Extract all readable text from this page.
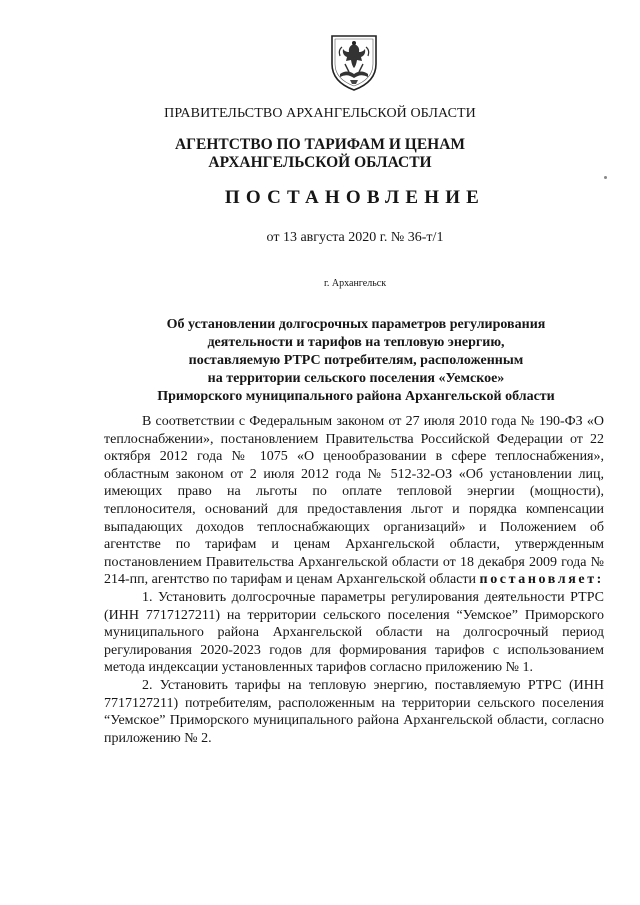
ПРАВИТЕЛЬСТВО АРХАНГЕЛЬСКОЙ ОБЛАСТИ
АГЕНТСТВО ПО ТАРИФАМ И ЦЕНАМ
АРХАНГЕЛЬСКОЙ ОБЛАСТИ
ПОСТАНОВЛЕНИЕ
от 13 августа 2020 г. № 36-т/1
г. Архангельск
Об установлении долгосрочных параметров регулирования
деятельности и тарифов на тепловую энергию,
поставляемую РТРС потребителям, расположенным
на территории сельского поселения «Уемское»
Приморского муниципального района Архангельской области

В соответствии с Федеральным законом от 27 июля 2010 года № 190-ФЗ «О теплоснабжении», постановлением Правительства Российской Федерации от 22 октября 2012 года № 1075 «О ценообразовании в сфере теплоснабжения», областным законом от 2 июля 2012 года № 512-32-ОЗ «Об установлении лиц, имеющих право на льготы по оплате тепловой энергии (мощности), теплоносителя, оснований для предоставления льгот и порядка компенсации выпадающих доходов теплоснабжающих организаций» и Положением об агентстве по тарифам и ценам Архангельской области, утвержденным постановлением Правительства Архангельской области от 18 декабря 2009 года № 214-пп, агентство по тарифам и ценам Архангельской области постановляет:

1. Установить долгосрочные параметры регулирования деятельности РТРС (ИНН 7717127211) на территории сельского поселения “Уемское” Приморского муниципального района Архангельской области на долгосрочный период регулирования 2020-2023 годов для формирования тарифов с использованием метода индексации установленных тарифов согласно приложению № 1.

2. Установить тарифы на тепловую энергию, поставляемую РТРС (ИНН 7717127211) потребителям, расположенным на территории сельского поселения “Уемское” Приморского муниципального района Архангельской области, согласно приложению № 2.
